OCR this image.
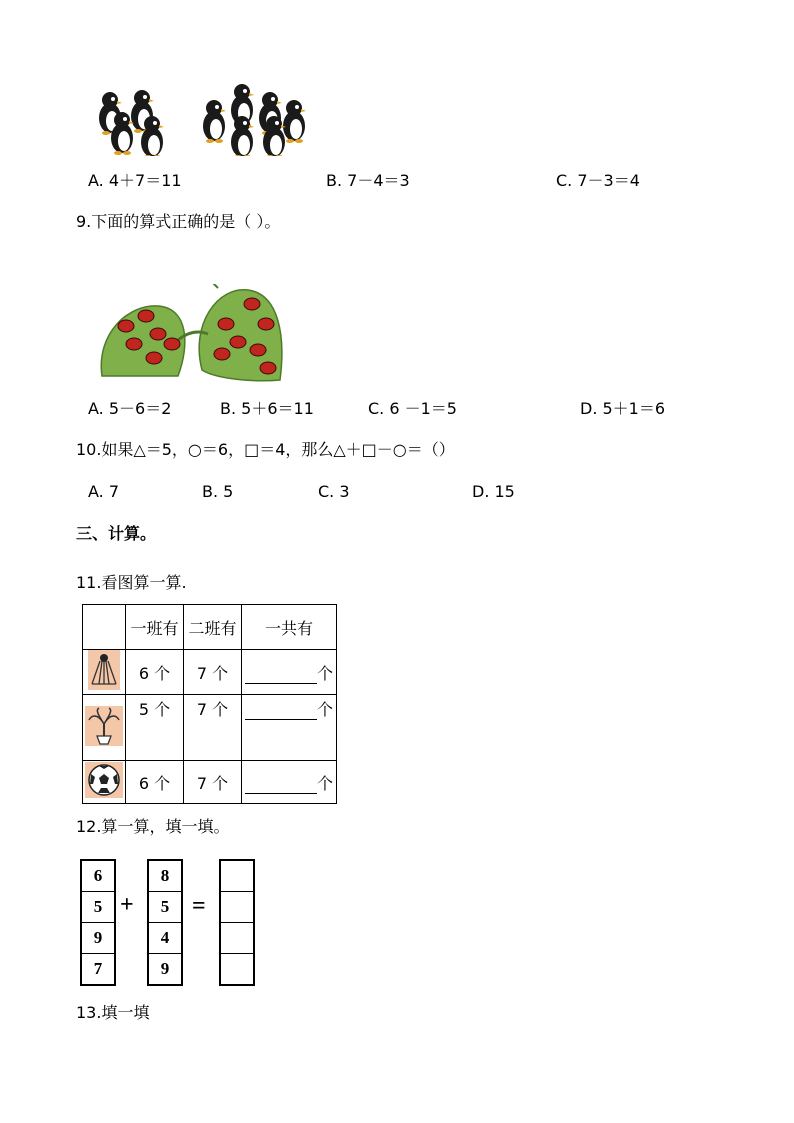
A. 4＋7＝11	B. 7－4＝3	C. 7－3＝4
9.下面的算式正确的是（ ）。
A. 5－6＝2	B. 5＋6＝11	C. 6 －1＝5	D. 5＋1＝6
10.如果△＝5，○＝6，□＝4，那么△＋□－○＝（）
A. 7	B. 5	C. 3	D. 15
三、计算。
11.看图算一算.
	一班有	二班有	一共有
	6 个	7 个	个
	5 个	7 个	个
	6 个	7 个	个
12.算一算，填一填。
6
5
9
7
+
8
5
4
9
=
13.填一填
